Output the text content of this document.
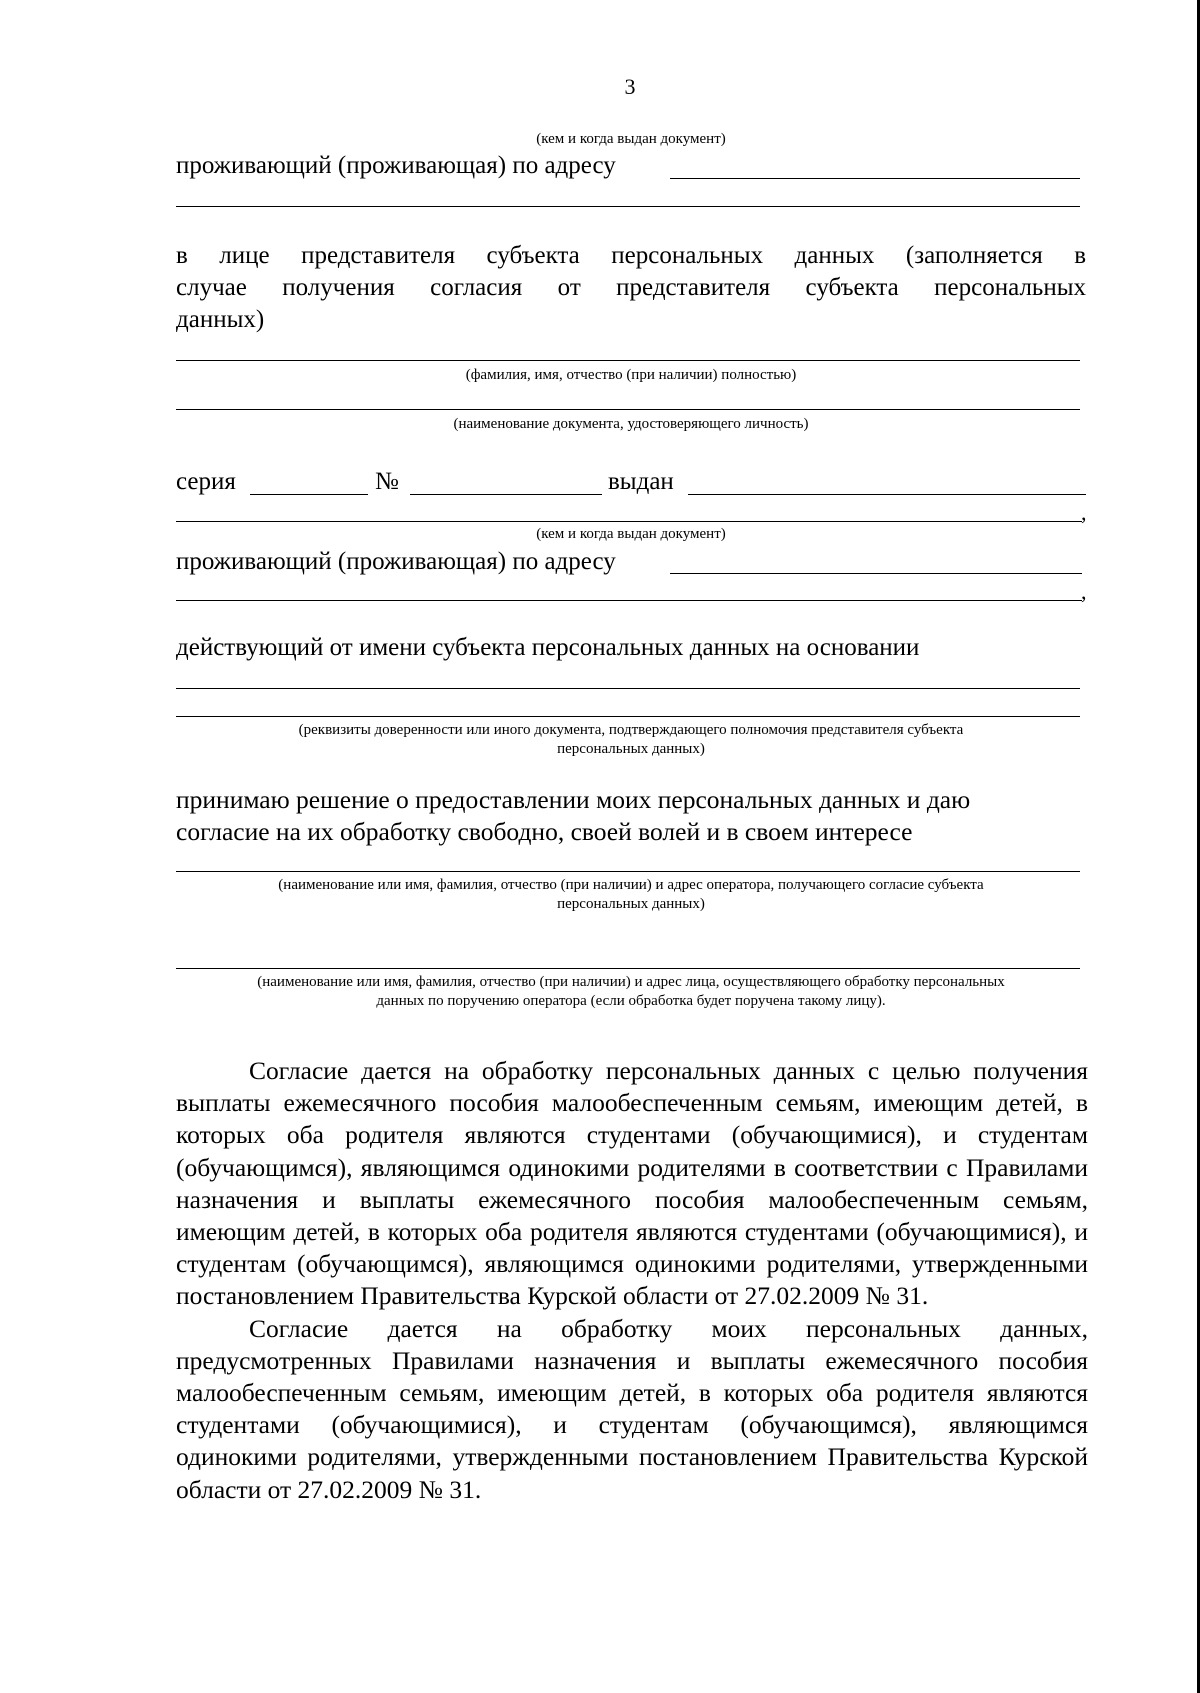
3
(кем и когда выдан документ)
проживающий (проживающая) по адресу
в лице представителя субъекта персональных данных (заполняется в
случае получения согласия от представителя субъекта персональных
данных)
(фамилия, имя, отчество (при наличии) полностью)
(наименование документа, удостоверяющего личность)
серия	№	выдан
,
(кем и когда выдан документ)
проживающий (проживающая) по адресу
,
действующий от имени субъекта персональных данных на основании
(реквизиты доверенности или иного документа, подтверждающего полномочия представителя субъекта
персональных данных)
принимаю решение о предоставлении моих персональных данных и даю
согласие на их обработку свободно, своей волей и в своем интересе
(наименование или имя, фамилия, отчество (при наличии) и адрес оператора, получающего согласие субъекта
персональных данных)
(наименование или имя, фамилия, отчество (при наличии) и адрес лица, осуществляющего обработку персональных
данных по поручению оператора (если обработка будет поручена такому лицу).

Согласие дается на обработку персональных данных с целью получения выплаты ежемесячного пособия малообеспеченным семьям, имеющим детей, в которых оба родителя являются студентами (обучающимися), и студентам (обучающимся), являющимся одинокими родителями в соответствии с Правилами назначения и выплаты ежемесячного пособия малообеспеченным семьям, имеющим детей, в которых оба родителя являются студентами (обучающимися), и студентам (обучающимся), являющимся одинокими родителями, утвержденными постановлением Правительства Курской области от 27.02.2009 № 31.

Согласие дается на обработку моих персональных данных, предусмотренных Правилами назначения и выплаты ежемесячного пособия малообеспеченным семьям, имеющим детей, в которых оба родителя являются студентами (обучающимися), и студентам (обучающимся), являющимся одинокими родителями, утвержденными постановлением Правительства Курской области от 27.02.2009 № 31.
